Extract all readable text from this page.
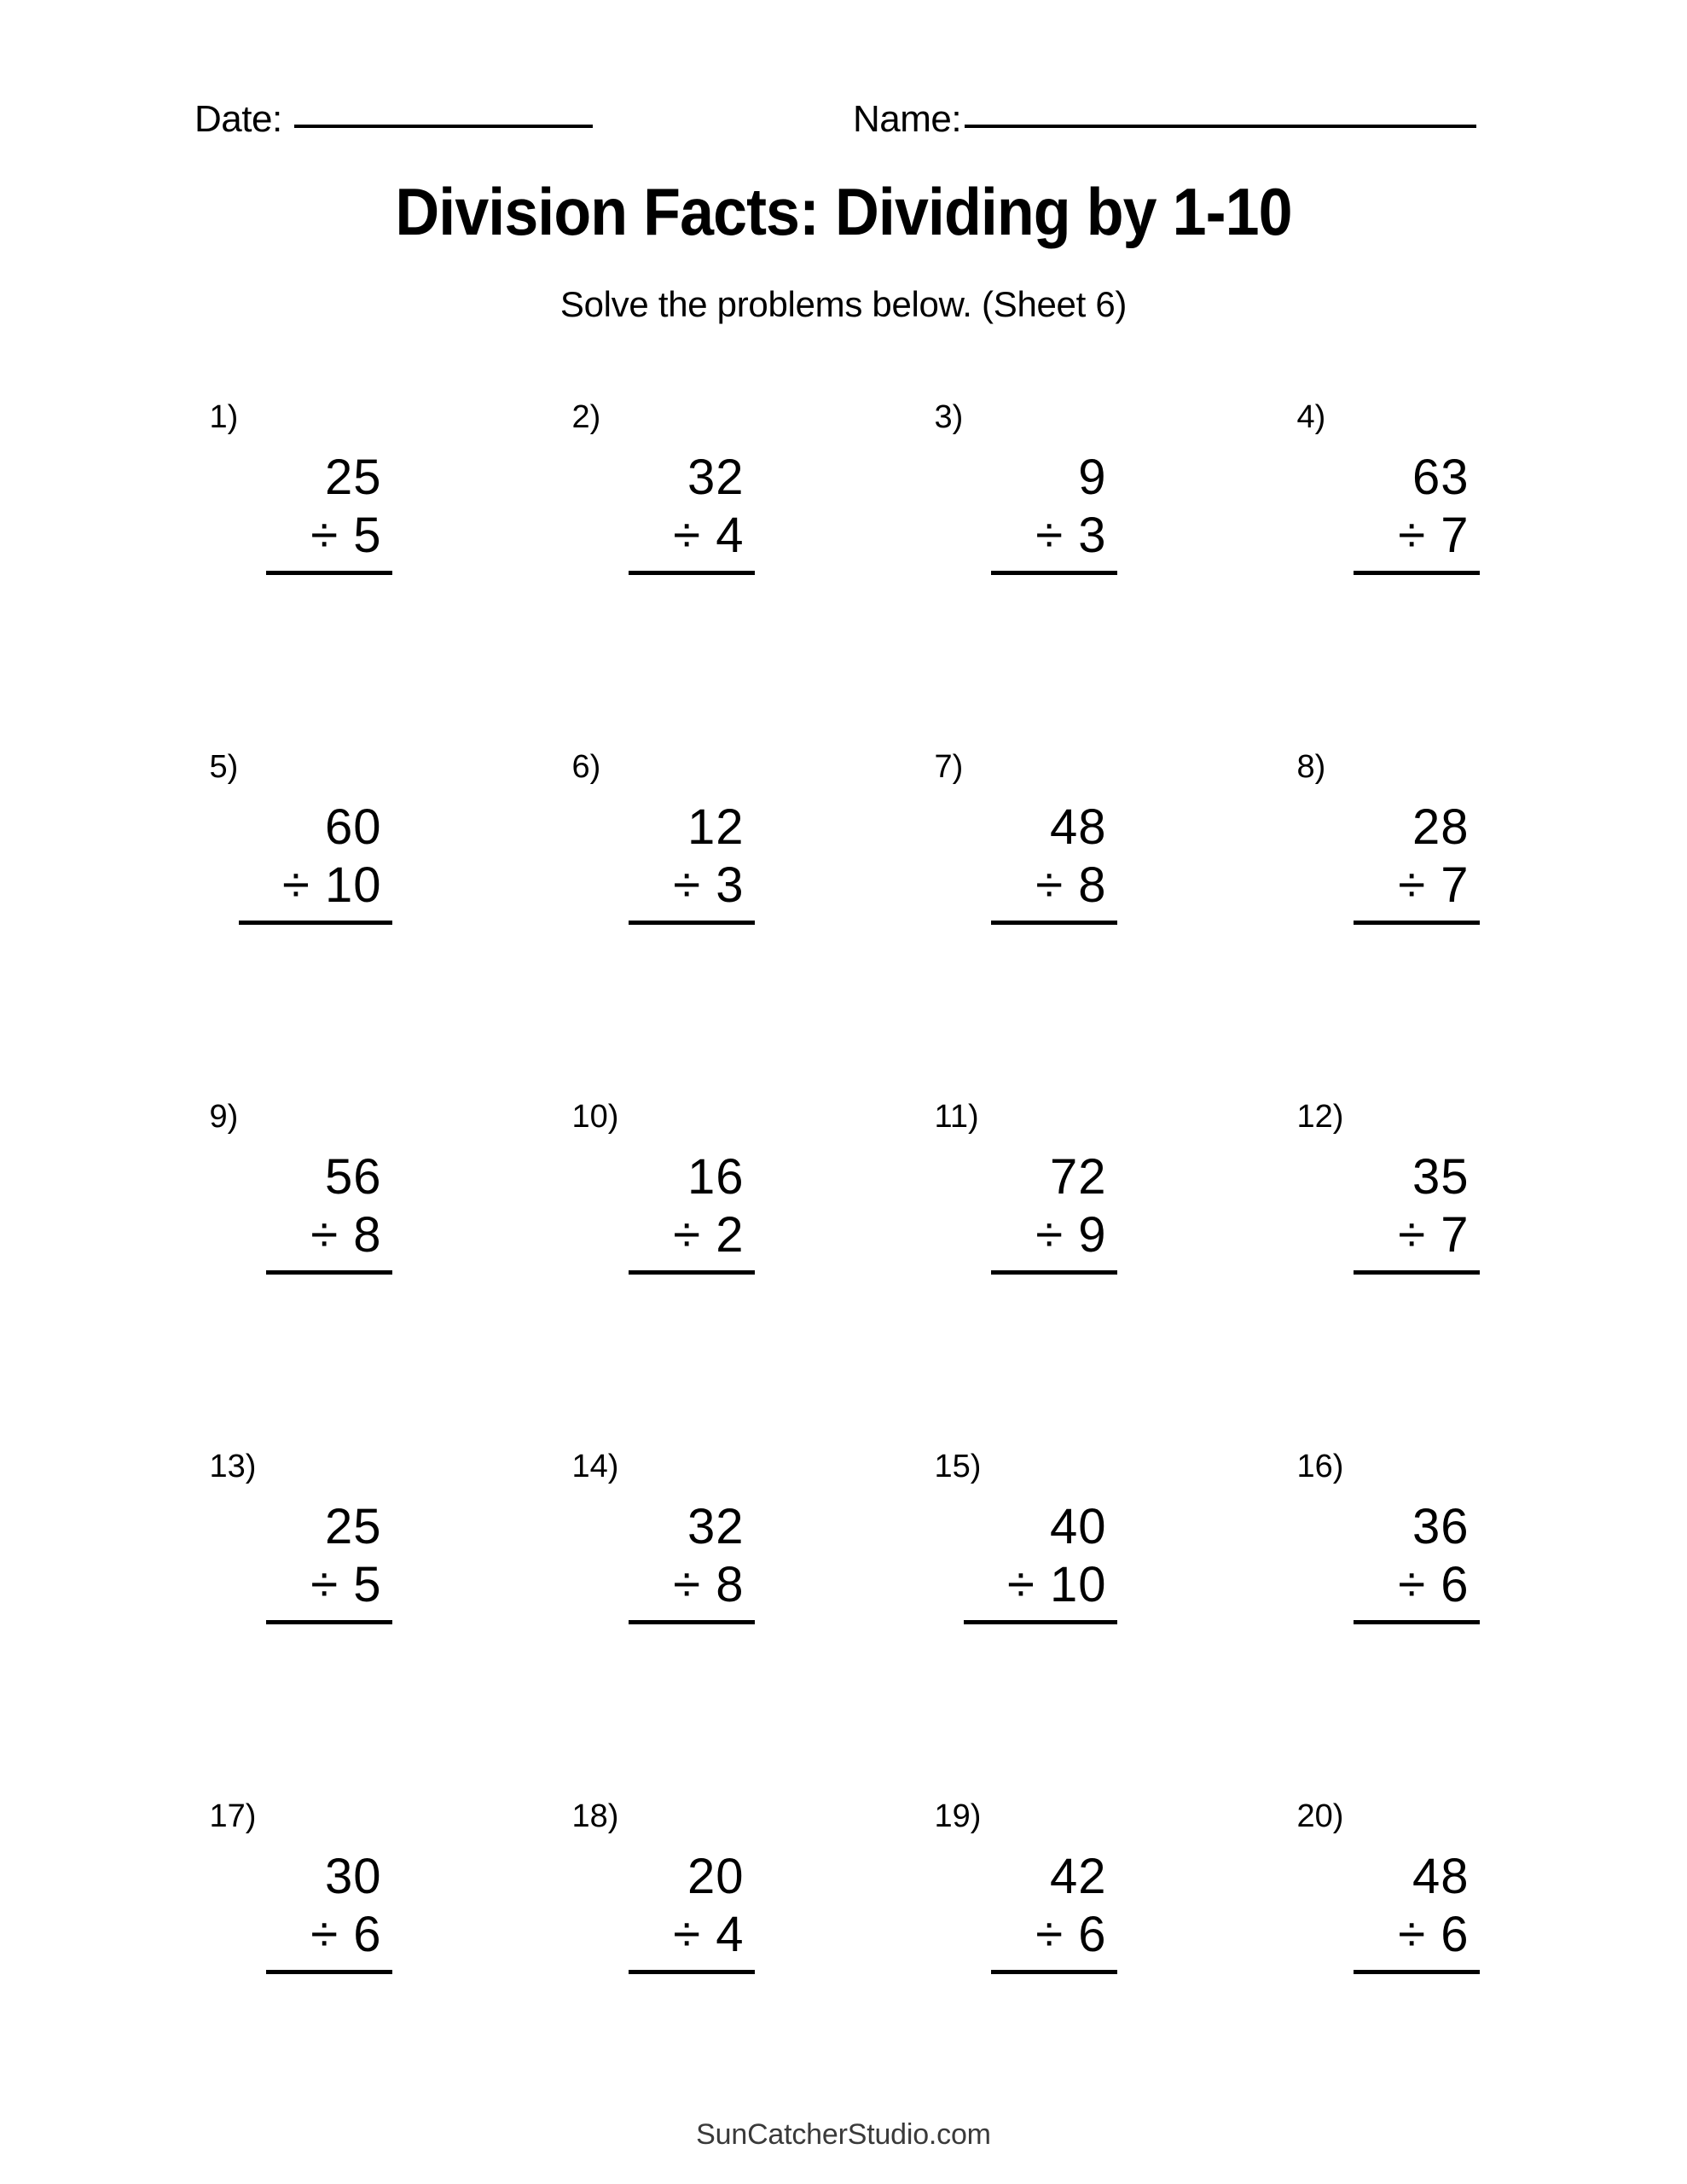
Date:	Name:
Division Facts: Dividing by 1-10
Solve the problems below. (Sheet 6)
1)
25
÷ 5
2)
32
÷ 4
3)
9
÷ 3
4)
63
÷ 7
5)
60
÷ 10
6)
12
÷ 3
7)
48
÷ 8
8)
28
÷ 7
9)
56
÷ 8
10)
16
÷ 2
11)
72
÷ 9
12)
35
÷ 7
13)
25
÷ 5
14)
32
÷ 8
15)
40
÷ 10
16)
36
÷ 6
17)
30
÷ 6
18)
20
÷ 4
19)
42
÷ 6
20)
48
÷ 6
SunCatcherStudio.com
